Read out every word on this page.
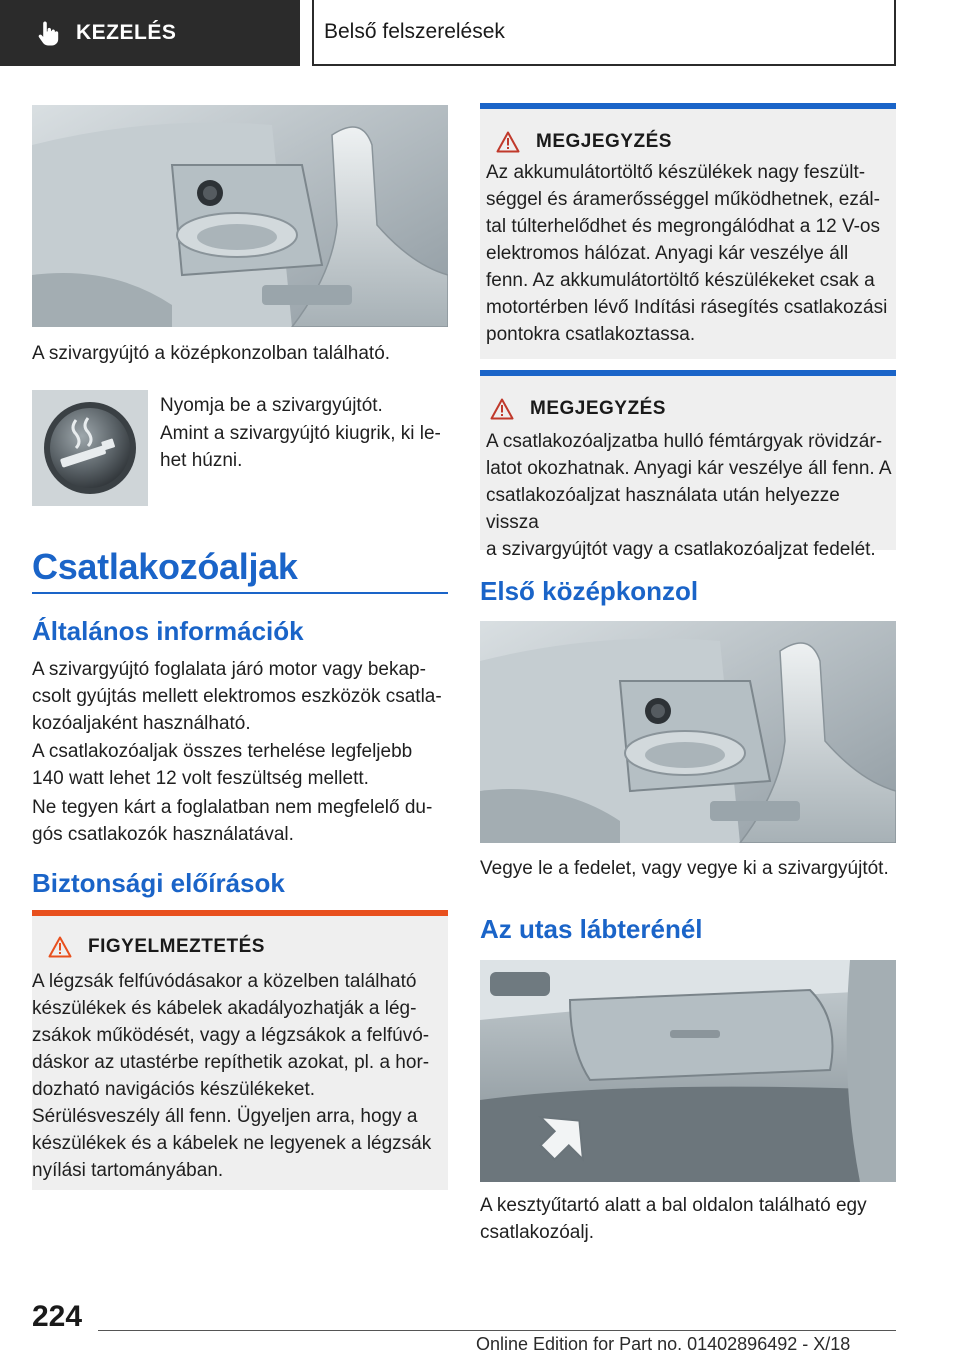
KEZELÉS	Belső felszerelések
A szivargyújtó a középkonzolban található.
Nyomja be a szivargyújtót.
Amint a szivargyújtó kiugrik, ki le-
het húzni.
Csatlakozóaljak
Általános információk
A szivargyújtó foglalata járó motor vagy bekap-
csolt gyújtás mellett elektromos eszközök csatla-
kozóaljaként használható.
A csatlakozóaljak összes terhelése legfeljebb
140 watt lehet 12 volt feszültség mellett.
Ne tegyen kárt a foglalatban nem megfelelő du-
gós csatlakozók használatával.
Biztonsági előírások
FIGYELMEZTETÉS
A légzsák felfúvódásakor a közelben található
készülékek és kábelek akadályozhatják a lég-
zsákok működését, vagy a légzsákok a felfúvó-
dáskor az utastérbe repíthetik azokat, pl. a hor-
dozható navigációs készülékeket.
Sérülésveszély áll fenn. Ügyeljen arra, hogy a
készülékek és a kábelek ne legyenek a légzsák
nyílási tartományában.
MEGJEGYZÉS
Az akkumulátortöltő készülékek nagy feszült-
séggel és áramerősséggel működhetnek, ezál-
tal túlterhelődhet és megrongálódhat a 12 V-os
elektromos hálózat. Anyagi kár veszélye áll
fenn. Az akkumulátortöltő készülékeket csak a
motortérben lévő Indítási rásegítés csatlakozási
pontokra csatlakoztassa.
MEGJEGYZÉS
A csatlakozóaljzatba hulló fémtárgyak rövidzár-
latot okozhatnak. Anyagi kár veszélye áll fenn. A
csatlakozóaljzat használata után helyezze vissza
a szivargyújtót vagy a csatlakozóaljzat fedelét.
Első középkonzol
Vegye le a fedelet, vagy vegye ki a szivargyújtót.
Az utas lábterénél
A kesztyűtartó alatt a bal oldalon található egy
csatlakozóalj.
224
Online Edition for Part no. 01402896492 - X/18
